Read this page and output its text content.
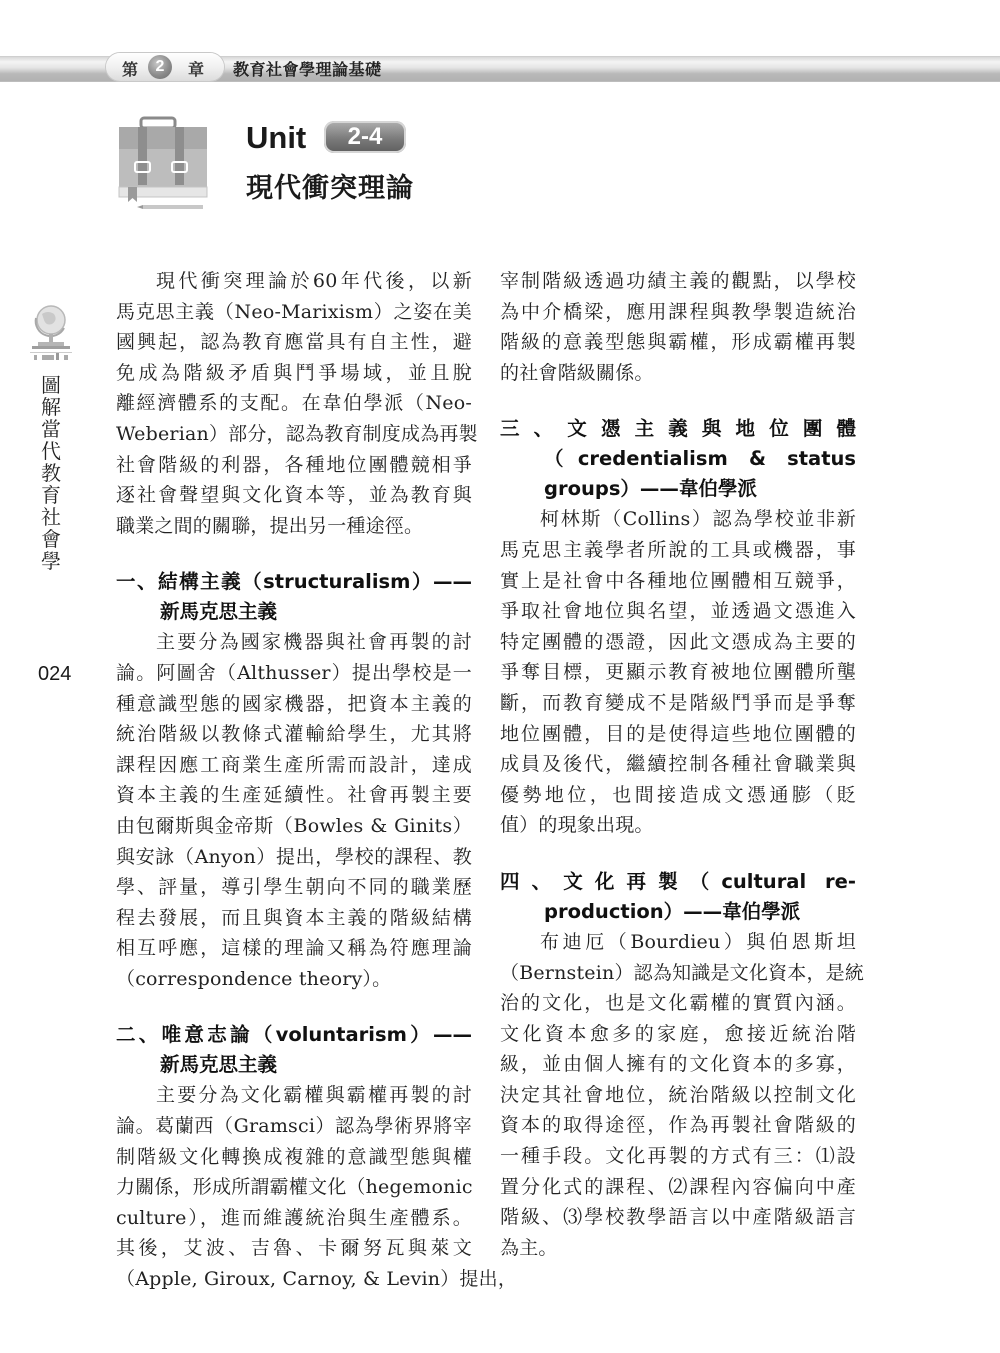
第	2	章 教育社會學理論基礎
Unit	2-4
現代衝突理論
圖
解
當
代
教
育
社
會
學
024
現代衝突理論於60年代後，以新
馬克思主義（Neo-Marixism）之姿在美
國興起，認為教育應當具有自主性，避
免成為階級矛盾與鬥爭場域，並且脫
離經濟體系的支配。在韋伯學派（Neo-
Weberian）部分，認為教育制度成為再製
社會階級的利器，各種地位團體競相爭
逐社會聲望與文化資本等，並為教育與
職業之間的關聯，提出另一種途徑。
一、結構主義（structuralism）——
新馬克思主義
主要分為國家機器與社會再製的討
論。阿圖舍（Althusser）提出學校是一
種意識型態的國家機器，把資本主義的
統治階級以教條式灌輸給學生，尤其將
課程因應工商業生產所需而設計，達成
資本主義的生產延續性。社會再製主要
由包爾斯與金帝斯（Bowles & Ginits）
與安詠（Anyon）提出，學校的課程、教
學、評量，導引學生朝向不同的職業歷
程去發展，而且與資本主義的階級結構
相互呼應，這樣的理論又稱為符應理論
（correspondence theory）。
二、唯意志論（voluntarism）——
新馬克思主義
主要分為文化霸權與霸權再製的討
論。葛蘭西（Gramsci）認為學術界將宰
制階級文化轉換成複雜的意識型態與權
力關係，形成所謂霸權文化（hegemonic
culture），進而維護統治與生產體系。
其後，艾波、吉魯、卡爾努瓦與萊文
（Apple, Giroux, Carnoy, & Levin）提出，
宰制階級透過功績主義的觀點，以學校
為中介橋梁，應用課程與教學製造統治
階級的意義型態與霸權，形成霸權再製
的社會階級關係。
三、文憑主義與地位團體
（credentialism & status
groups）——韋伯學派
柯林斯（Collins）認為學校並非新
馬克思主義學者所說的工具或機器，事
實上是社會中各種地位團體相互競爭，
爭取社會地位與名望，並透過文憑進入
特定團體的憑證，因此文憑成為主要的
爭奪目標，更顯示教育被地位團體所壟
斷，而教育變成不是階級鬥爭而是爭奪
地位團體，目的是使得這些地位團體的
成員及後代，繼續控制各種社會職業與
優勢地位，也間接造成文憑通膨（貶
值）的現象出現。
四、文化再製（cultural re-
production）——韋伯學派
布迪厄（Bourdieu）與伯恩斯坦
（Bernstein）認為知識是文化資本，是統
治的文化，也是文化霸權的實質內涵。
文化資本愈多的家庭，愈接近統治階
級，並由個人擁有的文化資本的多寡，
決定其社會地位，統治階級以控制文化
資本的取得途徑，作為再製社會階級的
一種手段。文化再製的方式有三：⑴設
置分化式的課程、⑵課程內容偏向中產
階級、⑶學校教學語言以中產階級語言
為主。
